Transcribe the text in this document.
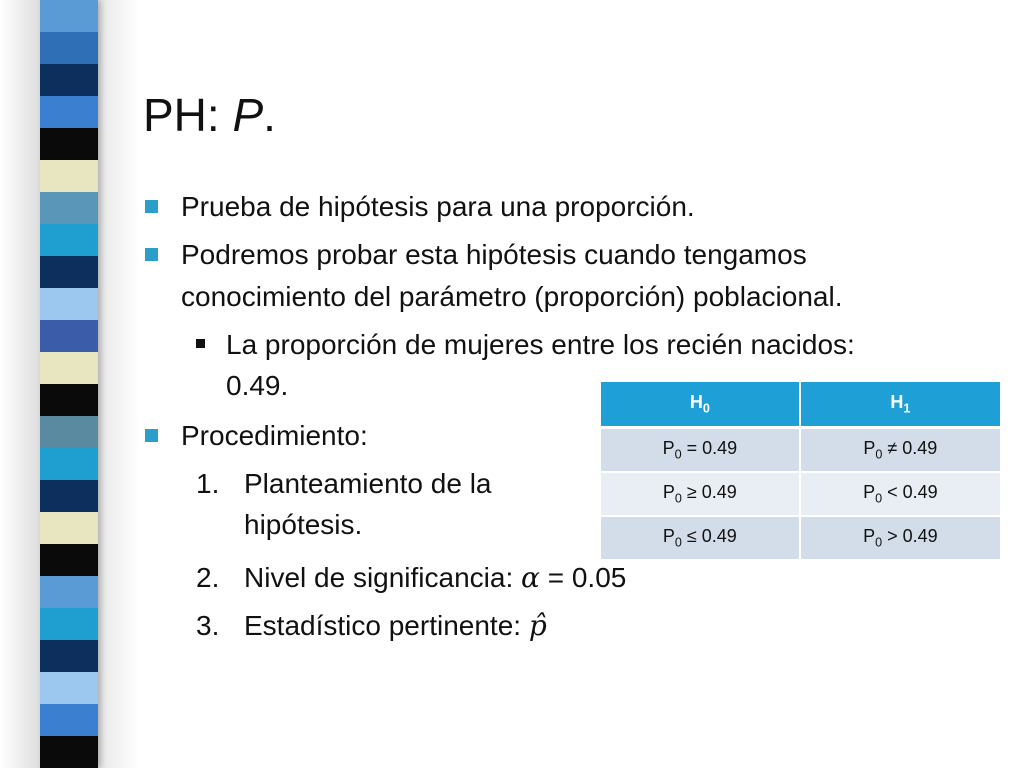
PH: P.
Prueba de hipótesis para una proporción.
Podremos probar esta hipótesis cuando tengamos
conocimiento del parámetro (proporción) poblacional.
La proporción de mujeres entre los recién nacidos:
0.49.
Procedimiento:
1. Planteamiento de la
hipótesis.
2. Nivel de significancia: α = 0.05
3. Estadístico pertinente: p̂
$H_0$	$H_1$
$P_0 = 0.49$	$P_0 \ne 0.49$
$P_0 \ge 0.49$	$P_0 < 0.49$
$P_0 \le 0.49$	$P_0 > 0.49$
